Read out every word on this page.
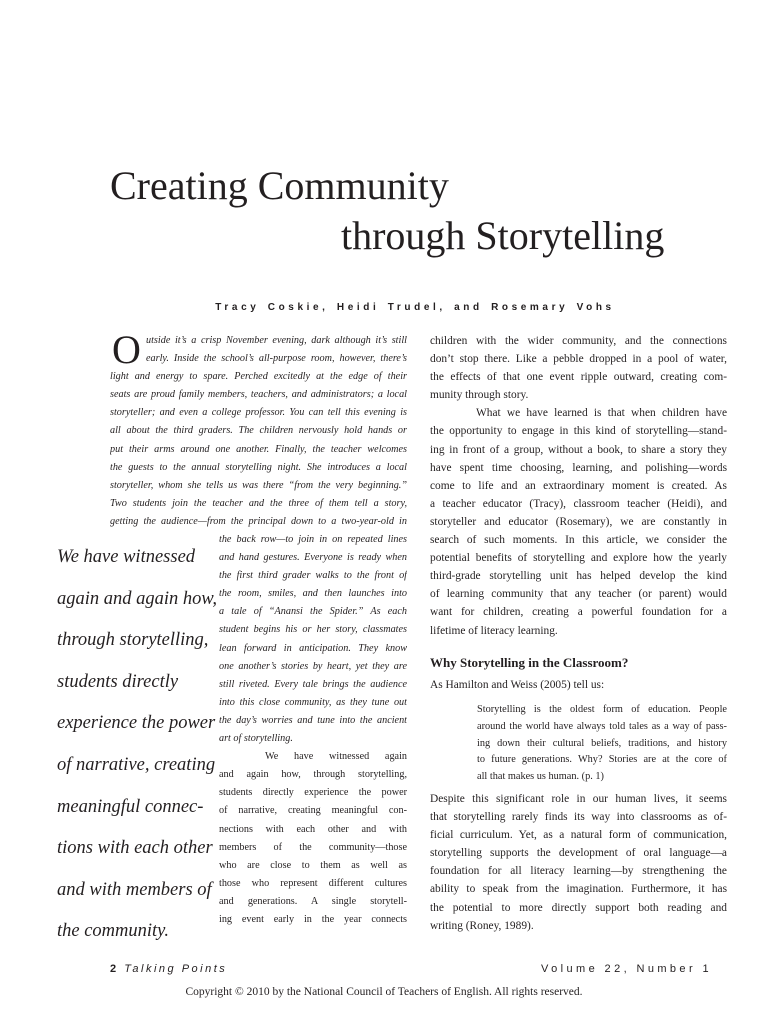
Creating Community
through Storytelling
Tracy Coskie, Heidi Trudel, and Rosemary Vohs
O utside it’s a crisp November evening, dark although it’s still
early. Inside the school’s all-purpose room, however, there’s
light and energy to spare. Perched excitedly at the edge of their
seats are proud family members, teachers, and administrators; a local
storyteller; and even a college professor. You can tell this evening is
all about the third graders. The children nervously hold hands or
put their arms around one another. Finally, the teacher welcomes
the guests to the annual storytelling night. She introduces a local
storyteller, whom she tells us was there “from the very beginning.”
Two students join the teacher and the three of them tell a story,
getting the audience—from the principal down to a two-year-old in
We have witnessed
again and again how,
through storytelling,
students directly
experience the power
of narrative, creating
meaningful connec-
tions with each other
and with members of
the community.
the back row—to join in on repeated lines
and hand gestures. Everyone is ready when
the first third grader walks to the front of
the room, smiles, and then launches into
a tale of “Anansi the Spider.” As each
student begins his or her story, classmates
lean forward in anticipation. They know
one another’s stories by heart, yet they are
still riveted. Every tale brings the audience
into this close community, as they tune out
the day’s worries and tune into the ancient
art of storytelling.
We have witnessed again
and again how, through storytelling,
students directly experience the power
of narrative, creating meaningful con-
nections with each other and with
members of the community—those
who are close to them as well as
those who represent different cultures
and generations. A single storytell-
ing event early in the year connects
children with the wider community, and the connections
don’t stop there. Like a pebble dropped in a pool of water,
the effects of that one event ripple outward, creating com-
munity through story.
What we have learned is that when children have
the opportunity to engage in this kind of storytelling—stand-
ing in front of a group, without a book, to share a story they
have spent time choosing, learning, and polishing—words
come to life and an extraordinary moment is created. As
a teacher educator (Tracy), classroom teacher (Heidi), and
storyteller and educator (Rosemary), we are constantly in
search of such moments. In this article, we consider the
potential benefits of storytelling and explore how the yearly
third-grade storytelling unit has helped develop the kind
of learning community that any teacher (or parent) would
want for children, creating a powerful foundation for a
lifetime of literacy learning.
Why Storytelling in the Classroom?
As Hamilton and Weiss (2005) tell us:
Storytelling is the oldest form of education. People
around the world have always told tales as a way of pass-
ing down their cultural beliefs, traditions, and history
to future generations. Why? Stories are at the core of
all that makes us human. (p. 1)
Despite this significant role in our human lives, it seems
that storytelling rarely finds its way into classrooms as of-
ficial curriculum. Yet, as a natural form of communication,
storytelling supports the development of oral language—a
foundation for all literacy learning—by strengthening the
ability to speak from the imagination. Furthermore, it has
the potential to more directly support both reading and
writing (Roney, 1989).
2 Talking Points	Volume 22, Number 1
Copyright © 2010 by the National Council of Teachers of English. All rights reserved.
